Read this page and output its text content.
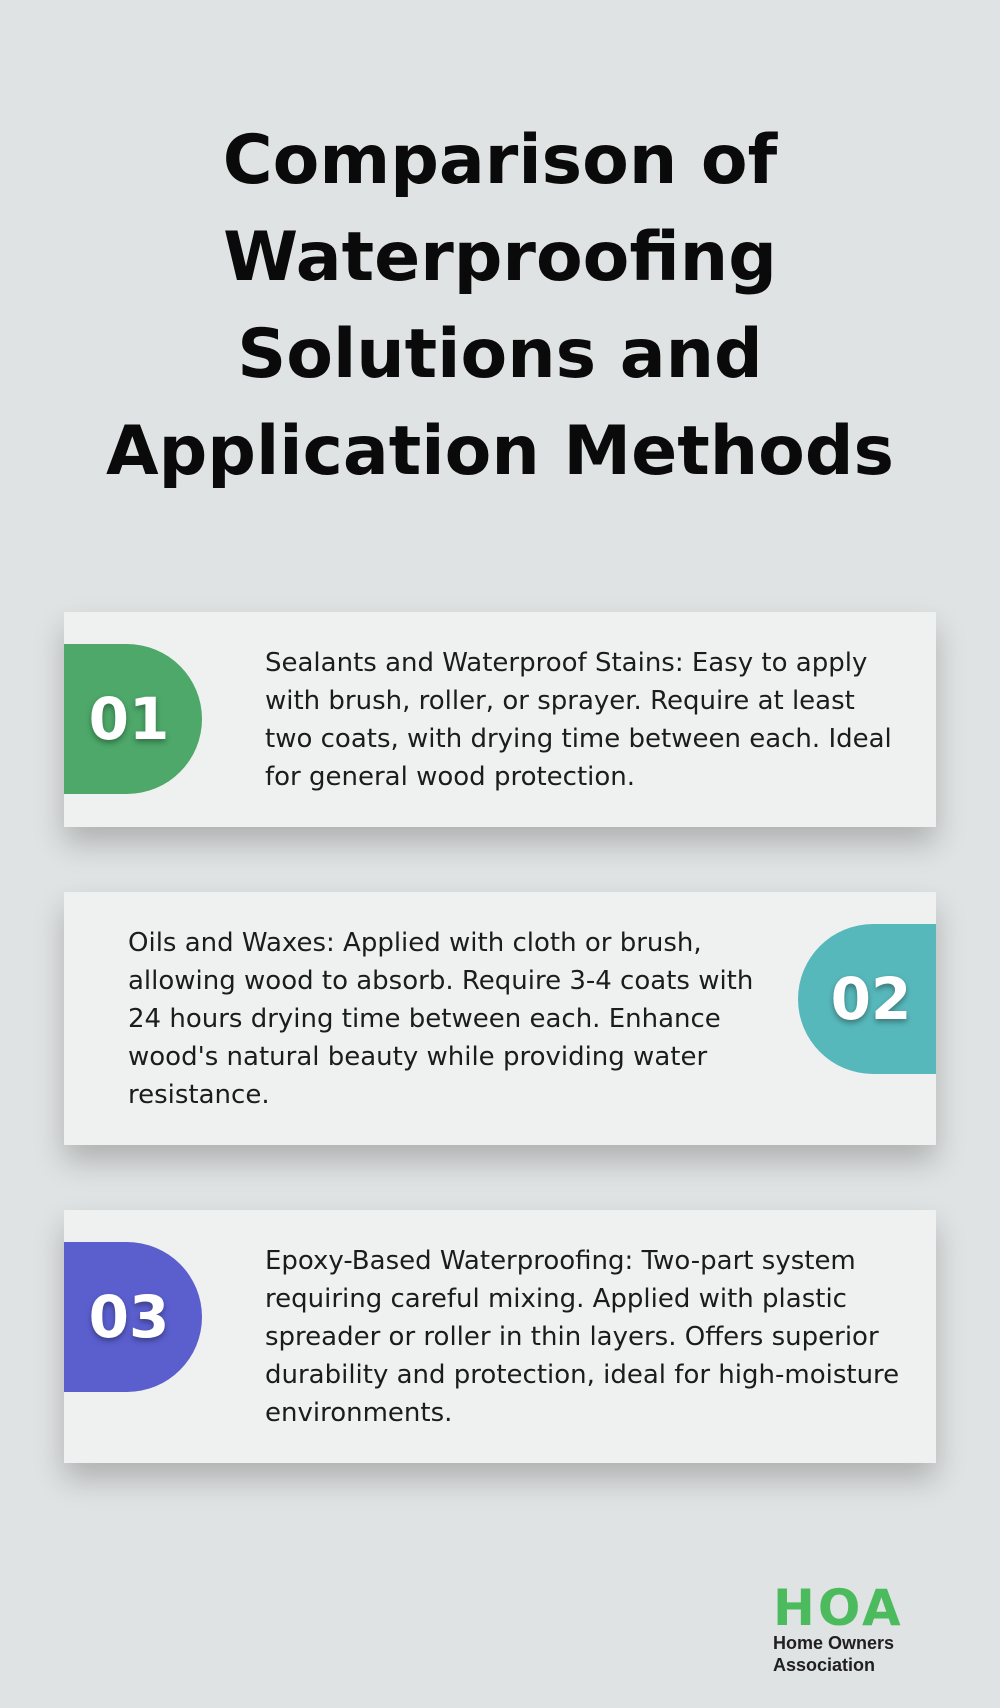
Comparison of Waterproofing Solutions and Application Methods
01

Sealants and Waterproof Stains: Easy to apply with brush, roller, or sprayer. Require at least two coats, with drying time between each. Ideal for general wood protection.

Oils and Waxes: Applied with cloth or brush, allowing wood to absorb. Require 3-4 coats with 24 hours drying time between each. Enhance wood's natural beauty while providing water resistance.

02
03

Epoxy-Based Waterproofing: Two-part system requiring careful mixing. Applied with plastic spreader or roller in thin layers. Offers superior durability and protection, ideal for high-moisture environments.

HOA
Home Owners
Association
